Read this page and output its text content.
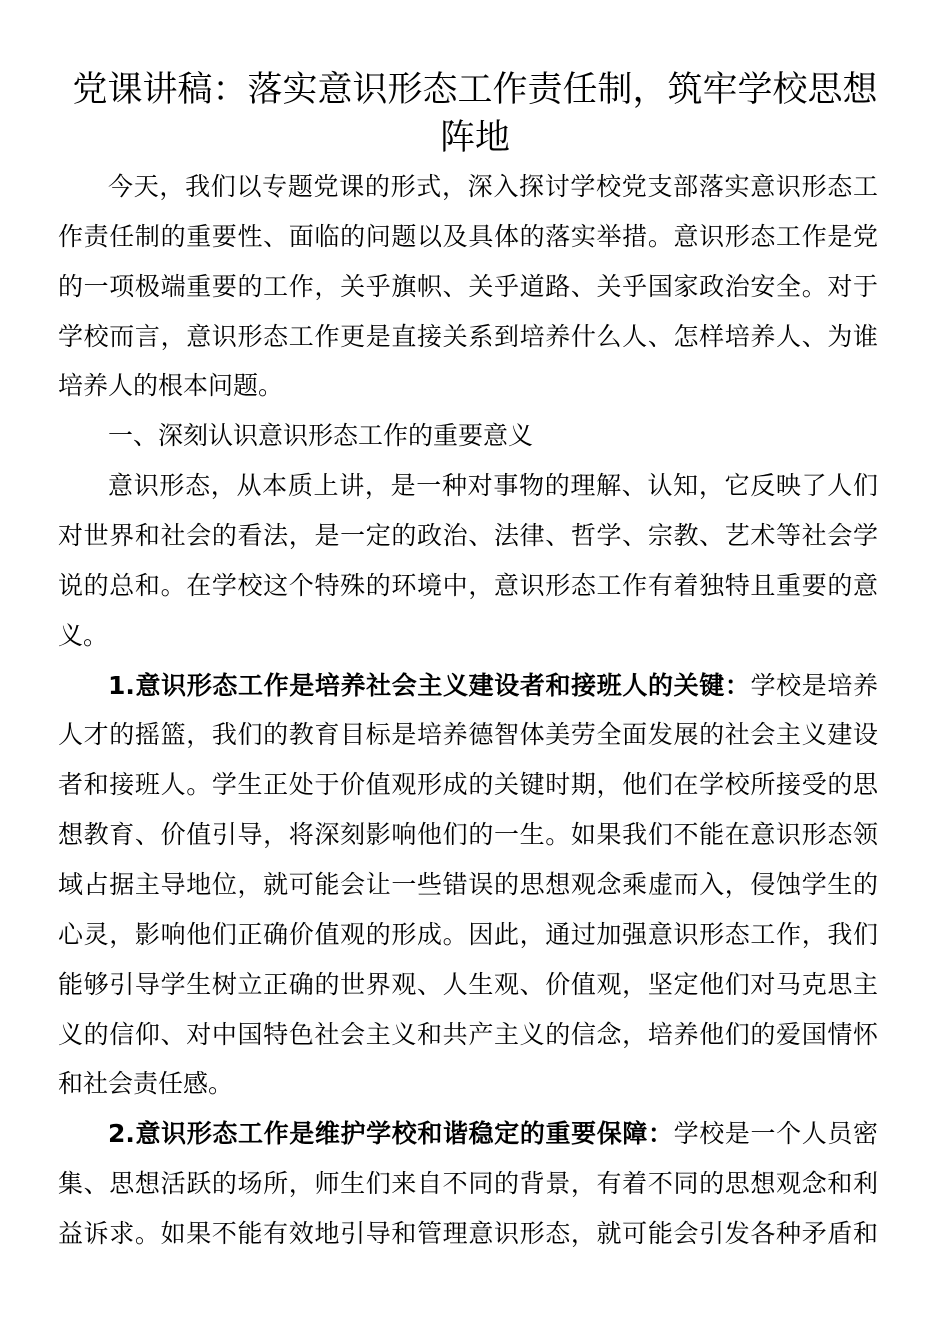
党课讲稿：落实意识形态工作责任制，筑牢学校思想
阵地
今天，我们以专题党课的形式，深入探讨学校党支部落实意识形态工
作责任制的重要性、面临的问题以及具体的落实举措。意识形态工作是党
的一项极端重要的工作，关乎旗帜、关乎道路、关乎国家政治安全。对于
学校而言，意识形态工作更是直接关系到培养什么人、怎样培养人、为谁
培养人的根本问题。
一、深刻认识意识形态工作的重要意义
意识形态，从本质上讲，是一种对事物的理解、认知，它反映了人们
对世界和社会的看法，是一定的政治、法律、哲学、宗教、艺术等社会学
说的总和。在学校这个特殊的环境中，意识形态工作有着独特且重要的意
义。
1.意识形态工作是培养社会主义建设者和接班人的关键：学校是培养
人才的摇篮，我们的教育目标是培养德智体美劳全面发展的社会主义建设
者和接班人。学生正处于价值观形成的关键时期，他们在学校所接受的思
想教育、价值引导，将深刻影响他们的一生。如果我们不能在意识形态领
域占据主导地位，就可能会让一些错误的思想观念乘虚而入，侵蚀学生的
心灵，影响他们正确价值观的形成。因此，通过加强意识形态工作，我们
能够引导学生树立正确的世界观、人生观、价值观，坚定他们对马克思主
义的信仰、对中国特色社会主义和共产主义的信念，培养他们的爱国情怀
和社会责任感。
2.意识形态工作是维护学校和谐稳定的重要保障：学校是一个人员密
集、思想活跃的场所，师生们来自不同的背景，有着不同的思想观念和利
益诉求。如果不能有效地引导和管理意识形态，就可能会引发各种矛盾和
